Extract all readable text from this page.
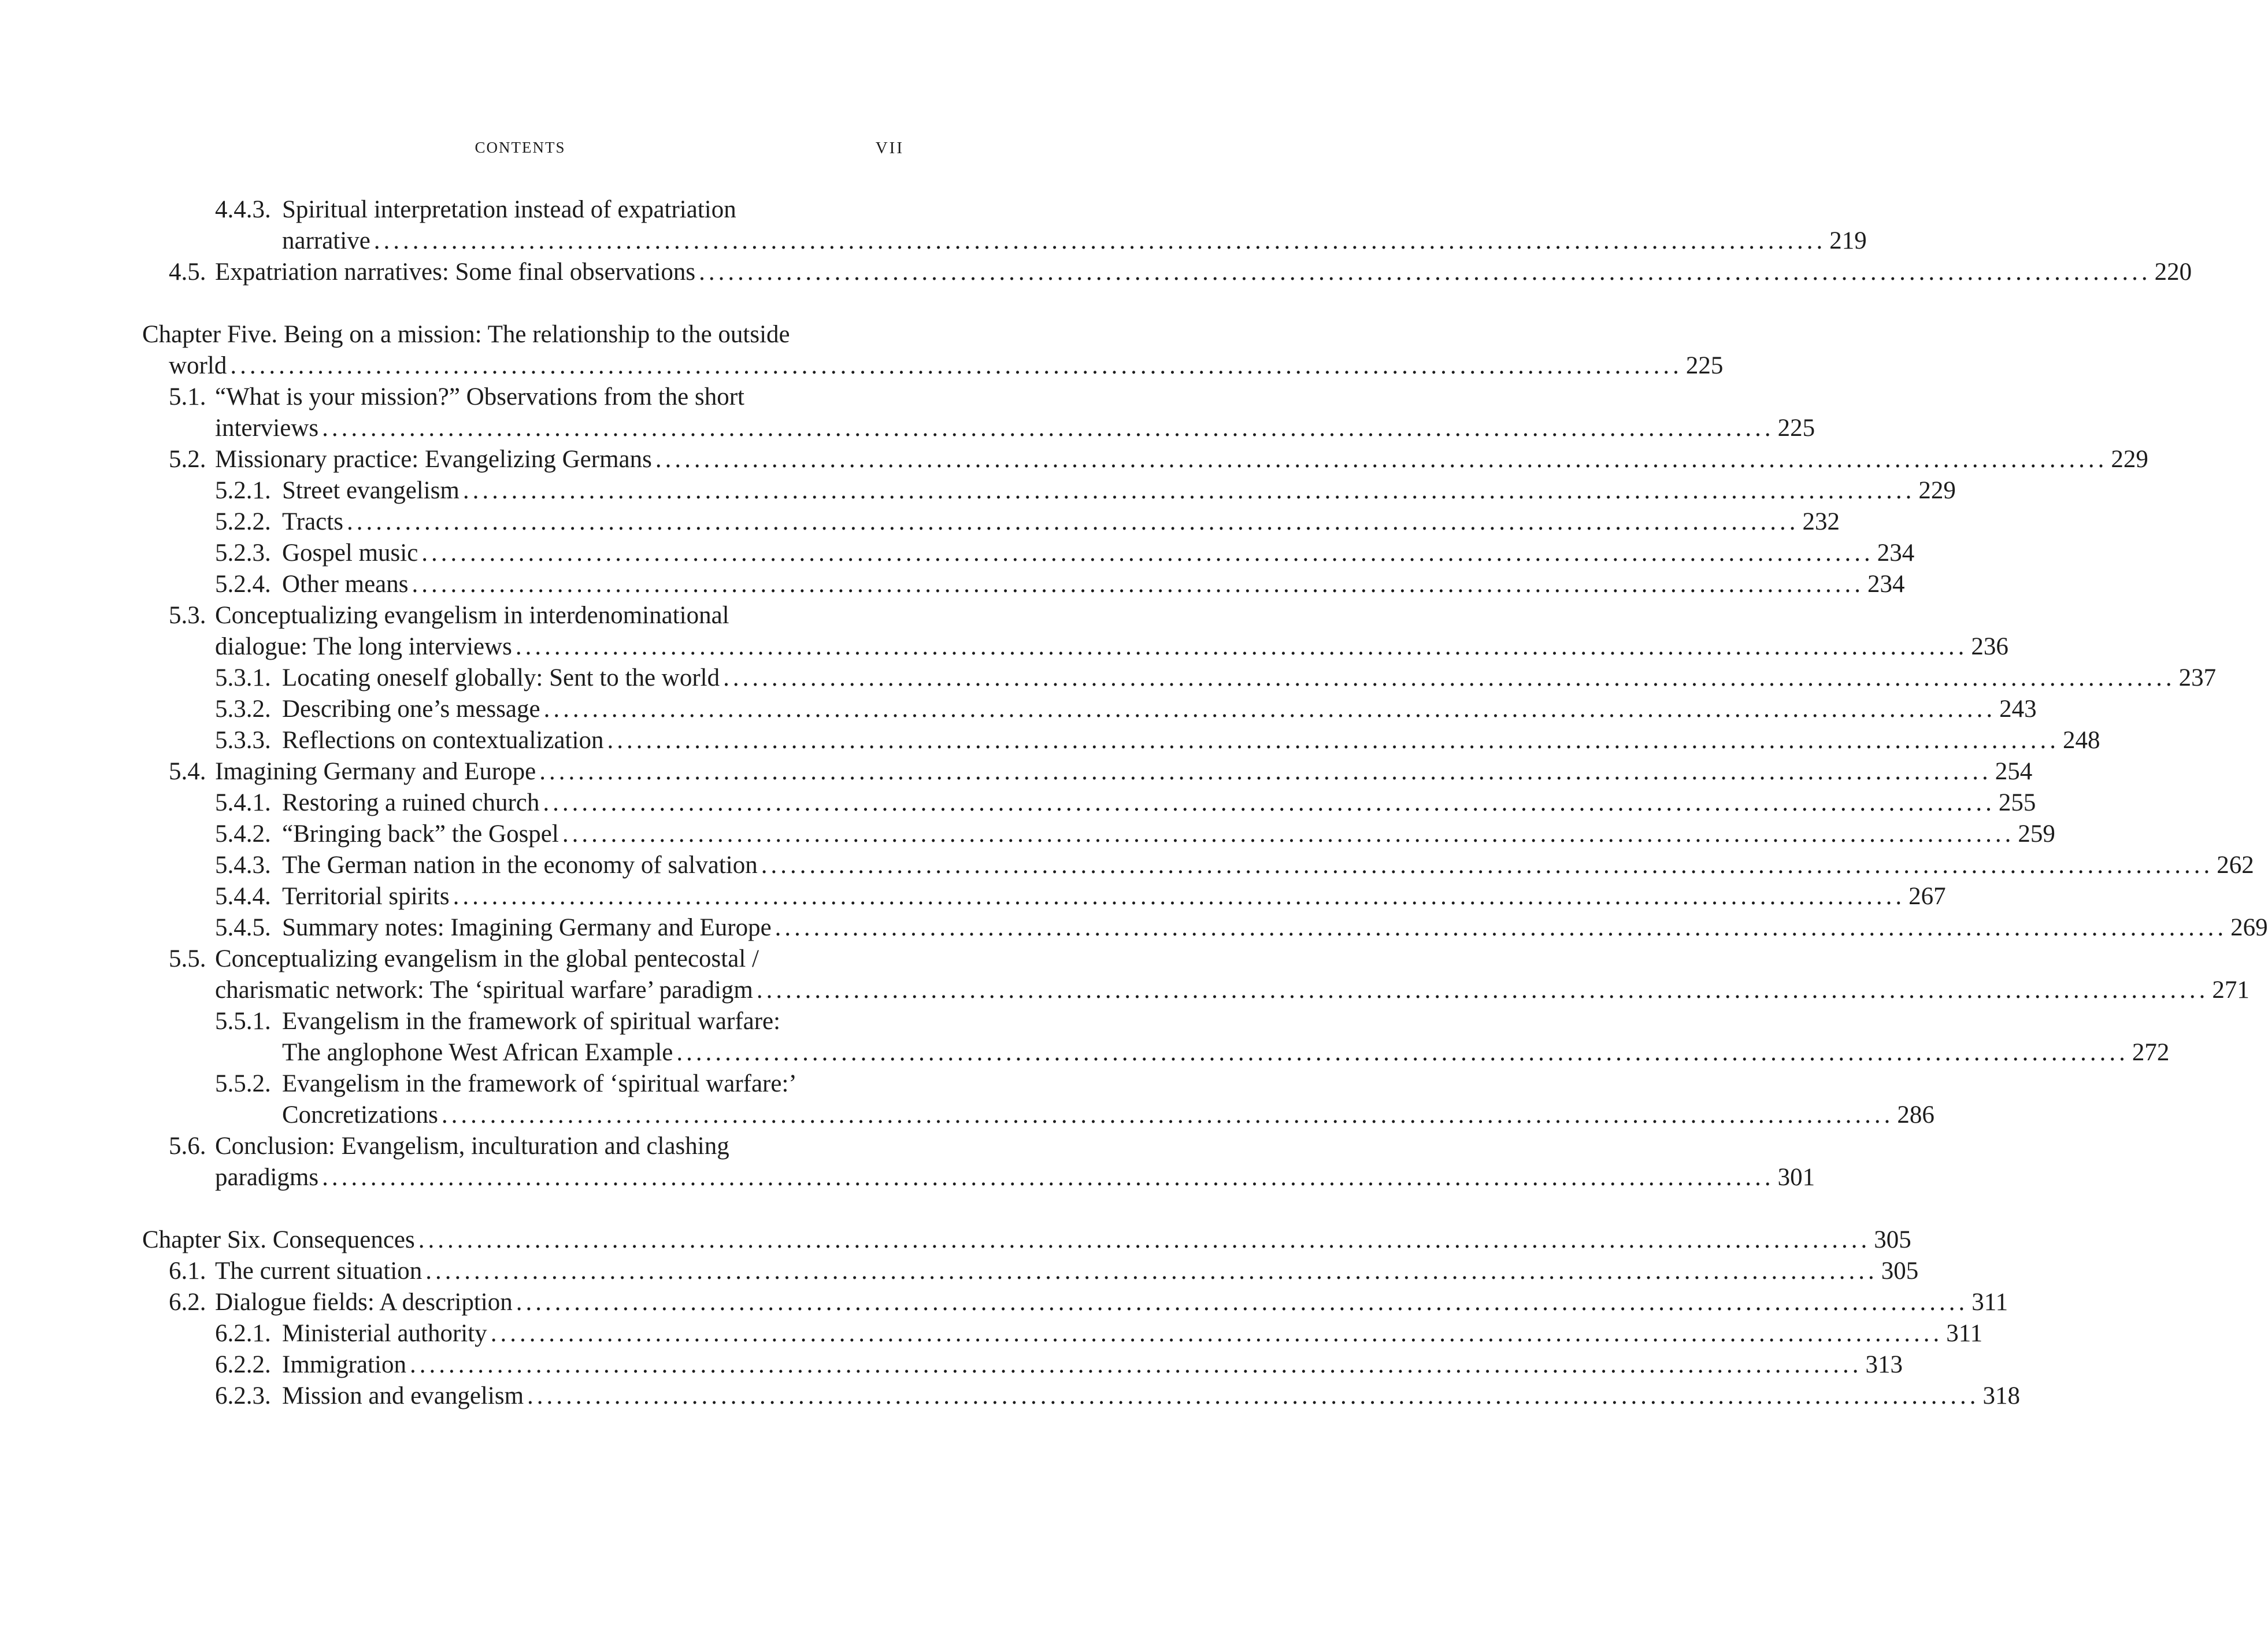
CONTENTS	VII
4.4.3. Spiritual interpretation instead of expatriation
narrative ...................................................................................................................................................... 219
4.5. Expatriation narratives: Some final observations ...................................................................................................................................................... 220
Chapter Five. Being on a mission: The relationship to the outside
world ...................................................................................................................................................... 225
5.1. “What is your mission?” Observations from the short
interviews ...................................................................................................................................................... 225
5.2. Missionary practice: Evangelizing Germans ...................................................................................................................................................... 229
5.2.1. Street evangelism ...................................................................................................................................................... 229
5.2.2. Tracts ...................................................................................................................................................... 232
5.2.3. Gospel music ...................................................................................................................................................... 234
5.2.4. Other means ...................................................................................................................................................... 234
5.3. Conceptualizing evangelism in interdenominational
dialogue: The long interviews ...................................................................................................................................................... 236
5.3.1. Locating oneself globally: Sent to the world ...................................................................................................................................................... 237
5.3.2. Describing one’s message ...................................................................................................................................................... 243
5.3.3. Reflections on contextualization ...................................................................................................................................................... 248
5.4. Imagining Germany and Europe ...................................................................................................................................................... 254
5.4.1. Restoring a ruined church ...................................................................................................................................................... 255
5.4.2. “Bringing back” the Gospel ...................................................................................................................................................... 259
5.4.3. The German nation in the economy of salvation ...................................................................................................................................................... 262
5.4.4. Territorial spirits ...................................................................................................................................................... 267
5.4.5. Summary notes: Imagining Germany and Europe ...................................................................................................................................................... 269
5.5. Conceptualizing evangelism in the global pentecostal /
charismatic network: The ‘spiritual warfare’ paradigm ...................................................................................................................................................... 271
5.5.1. Evangelism in the framework of spiritual warfare:
The anglophone West African Example ...................................................................................................................................................... 272
5.5.2. Evangelism in the framework of ‘spiritual warfare:’
Concretizations ...................................................................................................................................................... 286
5.6. Conclusion: Evangelism, inculturation and clashing
paradigms ...................................................................................................................................................... 301
Chapter Six. Consequences ...................................................................................................................................................... 305
6.1. The current situation ...................................................................................................................................................... 305
6.2. Dialogue fields: A description ...................................................................................................................................................... 311
6.2.1. Ministerial authority ...................................................................................................................................................... 311
6.2.2. Immigration ...................................................................................................................................................... 313
6.2.3. Mission and evangelism ...................................................................................................................................................... 318
